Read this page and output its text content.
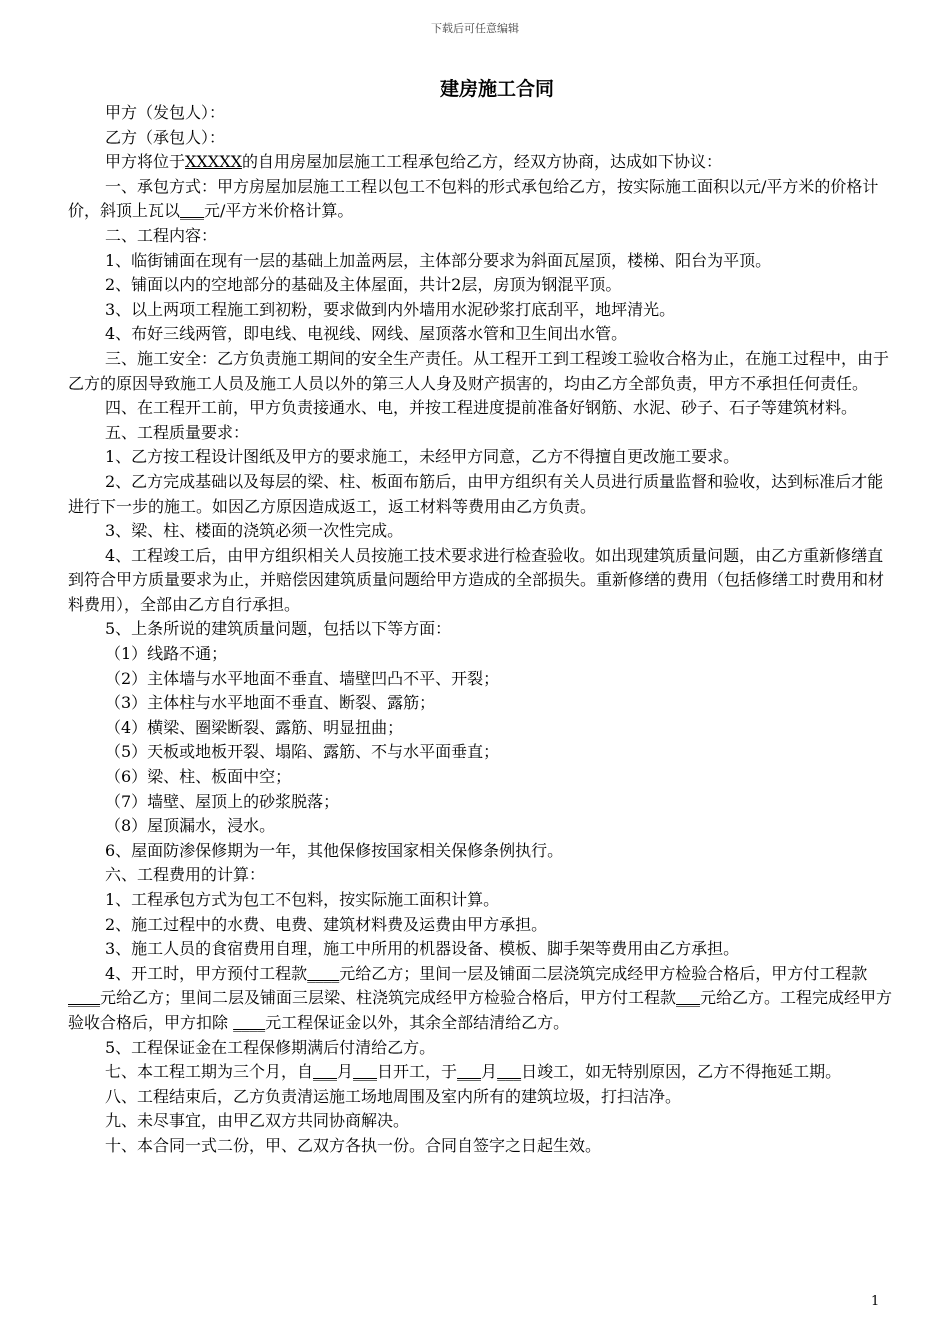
下载后可任意编辑
建房施工合同

甲方（发包人）：

乙方（承包人）：

甲方将位于XXXXX的自用房屋加层施工工程承包给乙方，经双方协商，达成如下协议：

一、承包方式：甲方房屋加层施工工程以包工不包料的形式承包给乙方，按实际施工面积以元/平方米的价格计价，斜顶上瓦以___元/平方米价格计算。

二、工程内容：

1、临街铺面在现有一层的基础上加盖两层，主体部分要求为斜面瓦屋顶，楼梯、阳台为平顶。

2、铺面以内的空地部分的基础及主体屋面，共计2层，房顶为钢混平顶。

3、以上两项工程施工到初粉，要求做到内外墙用水泥砂浆打底刮平，地坪清光。

4、布好三线两管，即电线、电视线、网线、屋顶落水管和卫生间出水管。

三、施工安全：乙方负责施工期间的安全生产责任。从工程开工到工程竣工验收合格为止，在施工过程中，由于乙方的原因导致施工人员及施工人员以外的第三人人身及财产损害的，均由乙方全部负责，甲方不承担任何责任。

四、在工程开工前，甲方负责接通水、电，并按工程进度提前准备好钢筋、水泥、砂子、石子等建筑材料。

五、工程质量要求：

1、乙方按工程设计图纸及甲方的要求施工，未经甲方同意，乙方不得擅自更改施工要求。

2、乙方完成基础以及每层的梁、柱、板面布筋后，由甲方组织有关人员进行质量监督和验收，达到标准后才能进行下一步的施工。如因乙方原因造成返工，返工材料等费用由乙方负责。

3、梁、柱、楼面的浇筑必须一次性完成。

4、工程竣工后，由甲方组织相关人员按施工技术要求进行检查验收。如出现建筑质量问题，由乙方重新修缮直到符合甲方质量要求为止，并赔偿因建筑质量问题给甲方造成的全部损失。重新修缮的费用（包括修缮工时费用和材料费用），全部由乙方自行承担。

5、上条所说的建筑质量问题，包括以下等方面：

（1）线路不通；

（2）主体墙与水平地面不垂直、墙壁凹凸不平、开裂；

（3）主体柱与水平地面不垂直、断裂、露筋；

（4）横梁、圈梁断裂、露筋、明显扭曲；

（5）天板或地板开裂、塌陷、露筋、不与水平面垂直；

（6）梁、柱、板面中空；

（7）墙壁、屋顶上的砂浆脱落；

（8）屋顶漏水，浸水。

6、屋面防渗保修期为一年，其他保修按国家相关保修条例执行。

六、工程费用的计算：

1、工程承包方式为包工不包料，按实际施工面积计算。

2、施工过程中的水费、电费、建筑材料费及运费由甲方承担。

3、施工人员的食宿费用自理，施工中所用的机器设备、模板、脚手架等费用由乙方承担。

4、开工时，甲方预付工程款____元给乙方；里间一层及铺面二层浇筑完成经甲方检验合格后，甲方付工程款____元给乙方；里间二层及铺面三层梁、柱浇筑完成经甲方检验合格后，甲方付工程款___元给乙方。工程完成经甲方验收合格后，甲方扣除 ____元工程保证金以外，其余全部结清给乙方。

5、工程保证金在工程保修期满后付清给乙方。

七、本工程工期为三个月，自___月___日开工，于___月___日竣工，如无特别原因，乙方不得拖延工期。

八、工程结束后，乙方负责清运施工场地周围及室内所有的建筑垃圾，打扫洁净。

九、未尽事宜，由甲乙双方共同协商解决。

十、本合同一式二份，甲、乙双方各执一份。合同自签字之日起生效。

1
